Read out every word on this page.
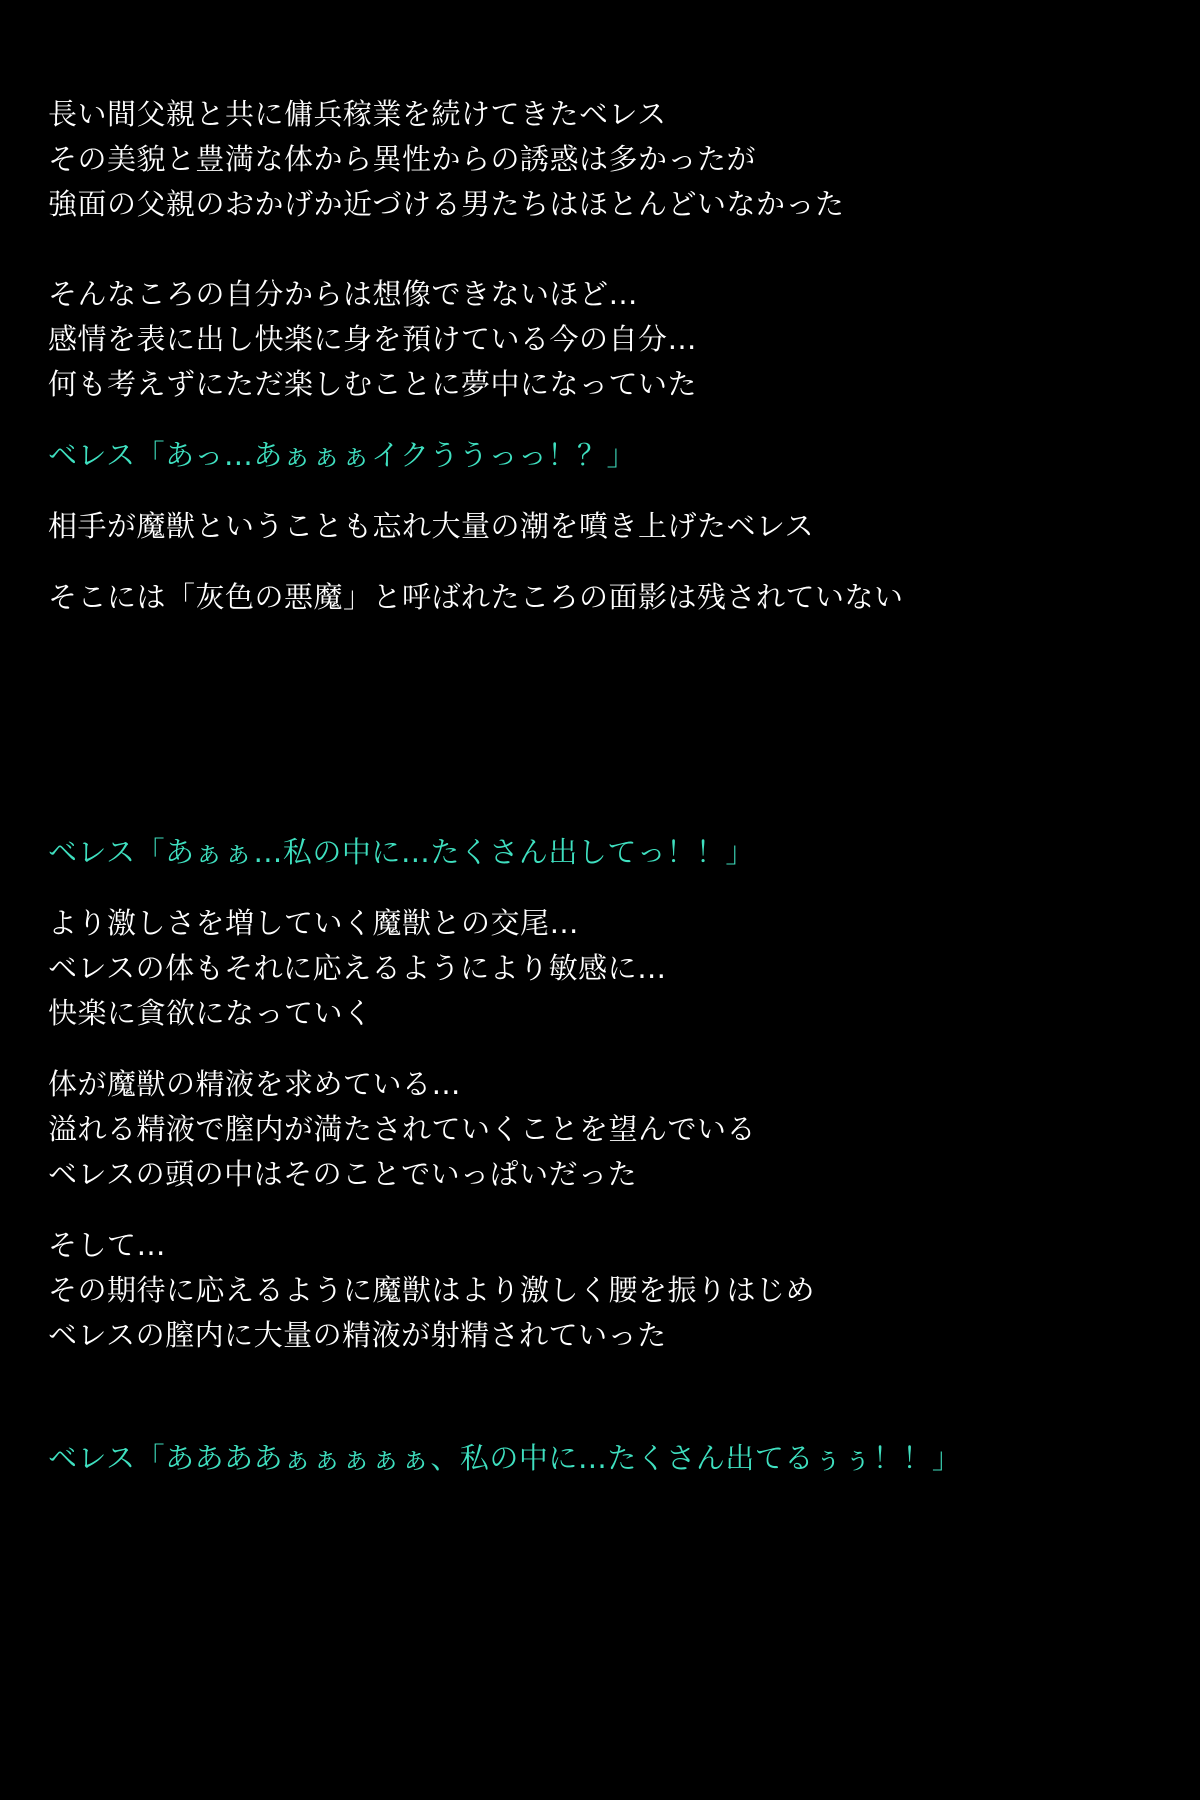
長い間父親と共に傭兵稼業を続けてきたベレス
その美貌と豊満な体から異性からの誘惑は多かったが
強面の父親のおかげか近づける男たちはほとんどいなかった
そんなころの自分からは想像できないほど…
感情を表に出し快楽に身を預けている今の自分…
何も考えずにただ楽しむことに夢中になっていた
ベレス「あっ…あぁぁぁイクううっっ！？」
相手が魔獣ということも忘れ大量の潮を噴き上げたベレス
そこには「灰色の悪魔」と呼ばれたころの面影は残されていない
ベレス「あぁぁ…私の中に…たくさん出してっ！！」
より激しさを増していく魔獣との交尾…
ベレスの体もそれに応えるようにより敏感に…
快楽に貪欲になっていく
体が魔獣の精液を求めている…
溢れる精液で膣内が満たされていくことを望んでいる
ベレスの頭の中はそのことでいっぱいだった
そして…
その期待に応えるように魔獣はより激しく腰を振りはじめ
ベレスの膣内に大量の精液が射精されていった
ベレス「ああああぁぁぁぁぁ、私の中に…たくさん出てるぅぅ！！」
